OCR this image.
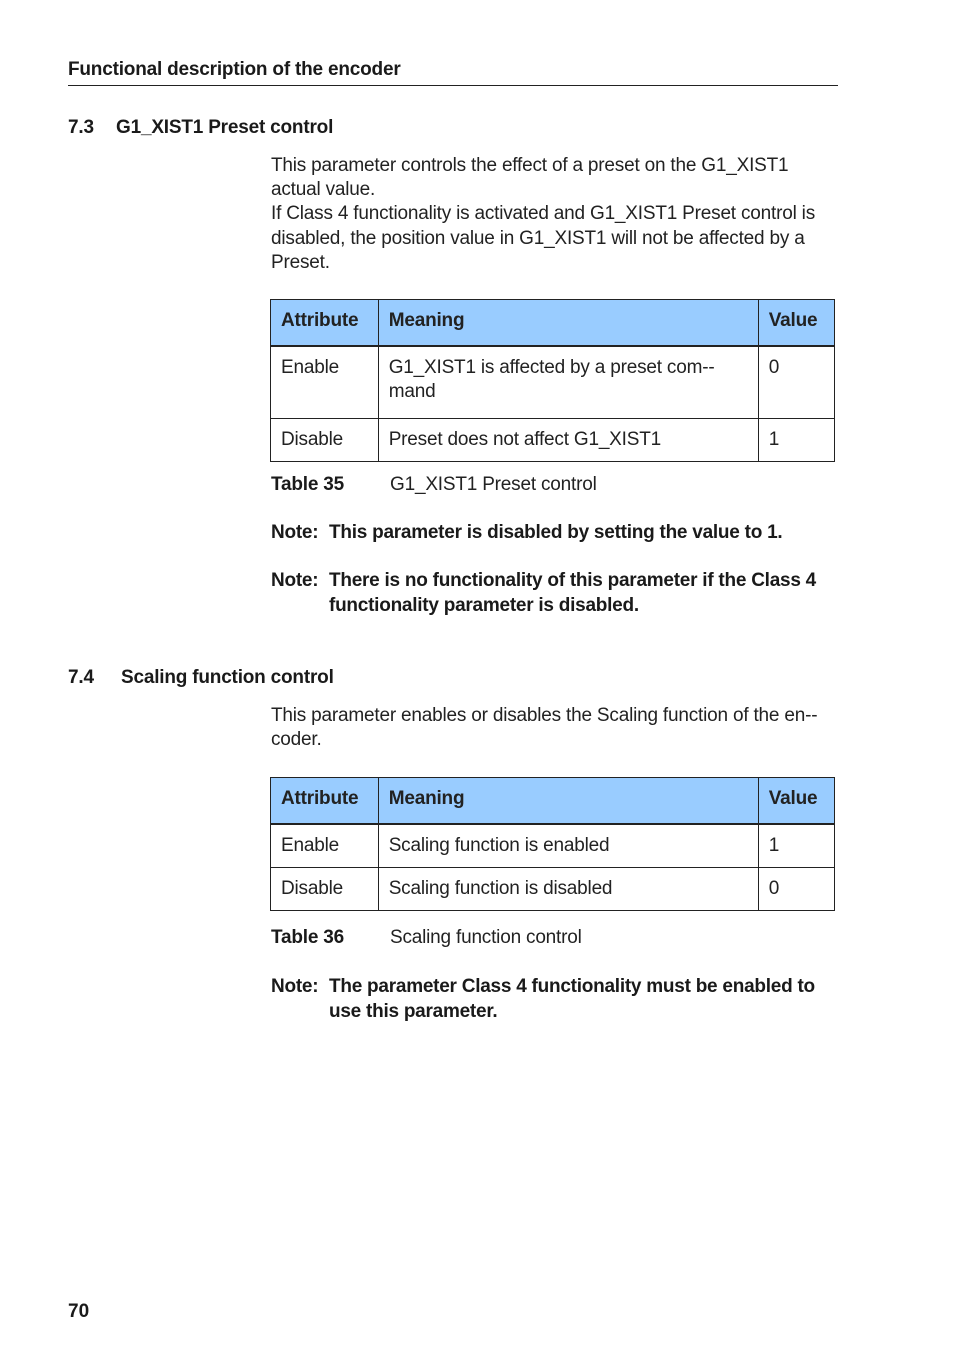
Functional description of the encoder
7.3 G1_XIST1 Preset control

This parameter controls the effect of a preset on the G1_XIST1 actual value.

If Class 4 functionality is activated and G1_XIST1 Preset control is disabled, the position value in G1_XIST1 will not be affected by a Preset.

Attribute	Meaning	Value
Enable	G1_XIST1 is affected by a preset com-mand	0
Disable	Preset does not affect G1_XIST1	1
Table 35 G1_XIST1 Preset control
Note: This parameter is disabled by setting the value to 1.
Note: There is no functionality of this parameter if the Class 4 functionality parameter is disabled.
7.4 Scaling function control

This parameter enables or disables the Scaling function of the en-coder.

Attribute	Meaning	Value
Enable	Scaling function is enabled	1
Disable	Scaling function is disabled	0
Table 36 Scaling function control
Note: The parameter Class 4 functionality must be enabled to use this parameter.
70
